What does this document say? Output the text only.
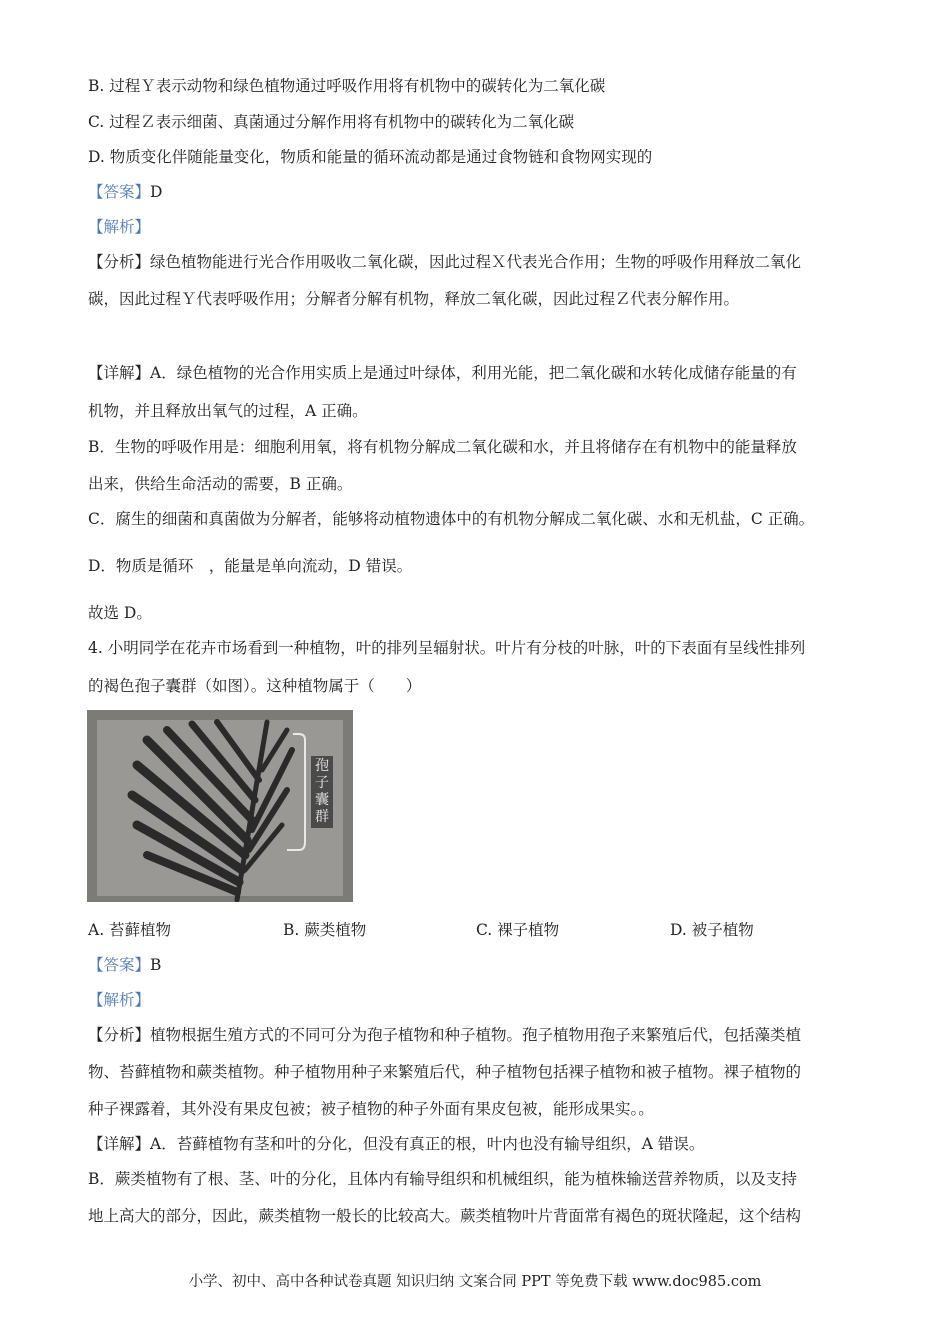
B. 过程Ｙ表示动物和绿色植物通过呼吸作用将有机物中的碳转化为二氧化碳
C. 过程Ｚ表示细菌、真菌通过分解作用将有机物中的碳转化为二氧化碳
D. 物质变化伴随能量变化，物质和能量的循环流动都是通过食物链和食物网实现的
【答案】D
【解析】
【分析】绿色植物能进行光合作用吸收二氧化碳，因此过程Ｘ代表光合作用；生物的呼吸作用释放二氧化
碳，因此过程Ｙ代表呼吸作用；分解者分解有机物，释放二氧化碳，因此过程Ｚ代表分解作用。
【详解】A．绿色植物的光合作用实质上是通过叶绿体，利用光能，把二氧化碳和水转化成储存能量的有
机物，并且释放出氧气的过程，A 正确。
B．生物的呼吸作用是：细胞利用氧，将有机物分解成二氧化碳和水，并且将储存在有机物中的能量释放
出来，供给生命活动的需要，B 正确。
C．腐生的细菌和真菌做为分解者，能够将动植物遗体中的有机物分解成二氧化碳、水和无机盐，C 正确。
D．物质是循环　，能量是单向流动，D 错误。
故选 D。
4. 小明同学在花卉市场看到一种植物，叶的排列呈辐射状。叶片有分枝的叶脉，叶的下表面有呈线性排列
的褐色孢子囊群（如图）。这种植物属于（　　）
孢子囊群
A. 苔藓植物	B. 蕨类植物	C. 裸子植物	D. 被子植物
【答案】B
【解析】
【分析】植物根据生殖方式的不同可分为孢子植物和种子植物。孢子植物用孢子来繁殖后代，包括藻类植
物、苔藓植物和蕨类植物。种子植物用种子来繁殖后代，种子植物包括裸子植物和被子植物。裸子植物的
种子裸露着，其外没有果皮包被；被子植物的种子外面有果皮包被，能形成果实。。
【详解】A．苔藓植物有茎和叶的分化，但没有真正的根，叶内也没有输导组织，A 错误。
B．蕨类植物有了根、茎、叶的分化，且体内有输导组织和机械组织，能为植株输送营养物质，以及支持
地上高大的部分，因此，蕨类植物一般长的比较高大。蕨类植物叶片背面常有褐色的斑状隆起，这个结构
小学、初中、高中各种试卷真题 知识归纳 文案合同 PPT 等免费下载 www.doc985.com
